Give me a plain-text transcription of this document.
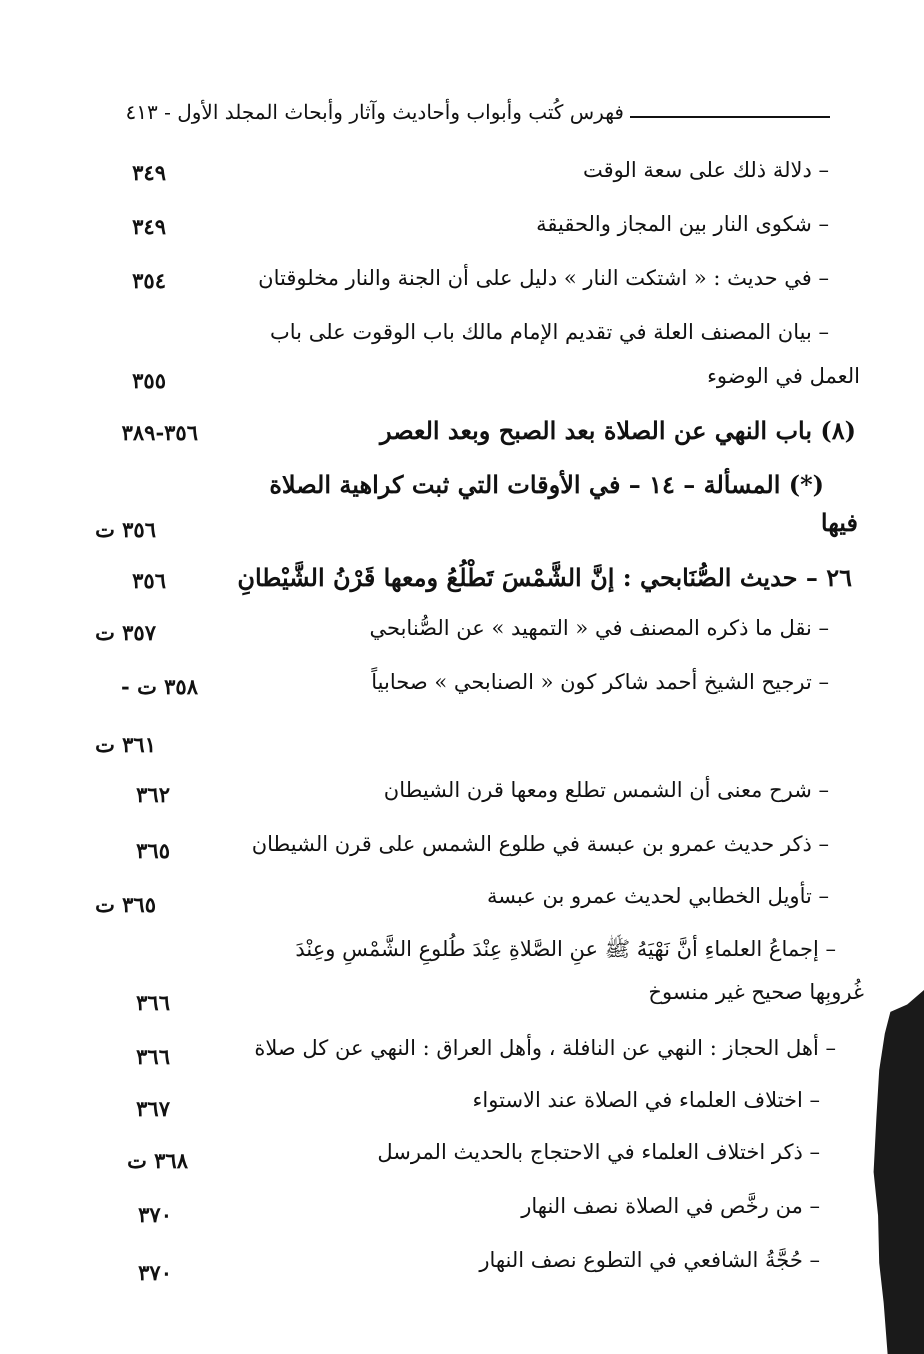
فهرس كُتب وأبواب وأحاديث وآثار وأبحاث المجلد الأول - ٤١٣
– دلالة ذلك على سعة الوقت
٣٤٩
– شكوى النار بين المجاز والحقيقة
٣٤٩
– في حديث : « اشتكت النار » دليل على أن الجنة والنار مخلوقتان
٣٥٤
– بيان المصنف العلة في تقديم الإمام مالك باب الوقوت على باب
العمل في الوضوء
٣٥٥
(٨) باب النهي عن الصلاة بعد الصبح وبعد العصر
٣٥٦-٣٨٩
(*) المسألة – ١٤ – في الأوقات التي ثبت كراهية الصلاة
فيها
٣٥٦ ت
٢٦ – حديث الصُّنَابحي : إنَّ الشَّمْسَ تَطْلُعُ ومعها قَرْنُ الشَّيْطانِ
٣٥٦
– نقل ما ذكره المصنف في « التمهيد » عن الصُّنابحي
٣٥٧ ت
– ترجيح الشيخ أحمد شاكر كون « الصنابحي » صحابياً
٣٥٨ ت -
٣٦١ ت
– شرح معنى أن الشمس تطلع ومعها قرن الشيطان
٣٦٢
– ذكر حديث عمرو بن عبسة في طلوع الشمس على قرن الشيطان
٣٦٥
– تأويل الخطابي لحديث عمرو بن عبسة
٣٦٥ ت
– إجماعُ العلماءِ أنَّ نَهْيَهُ ﷺ عنِ الصَّلاةِ عِنْدَ طُلوعِ الشَّمْسِ وعِنْدَ
غُروبِها صحيح غير منسوخ
٣٦٦
– أهل الحجاز : النهي عن النافلة ، وأهل العراق : النهي عن كل صلاة
٣٦٦
– اختلاف العلماء في الصلاة عند الاستواء
٣٦٧
– ذكر اختلاف العلماء في الاحتجاج بالحديث المرسل
٣٦٨ ت
– من رخَّص في الصلاة نصف النهار
٣٧٠
– حُجَّةُ الشافعي في التطوع نصف النهار
٣٧٠
